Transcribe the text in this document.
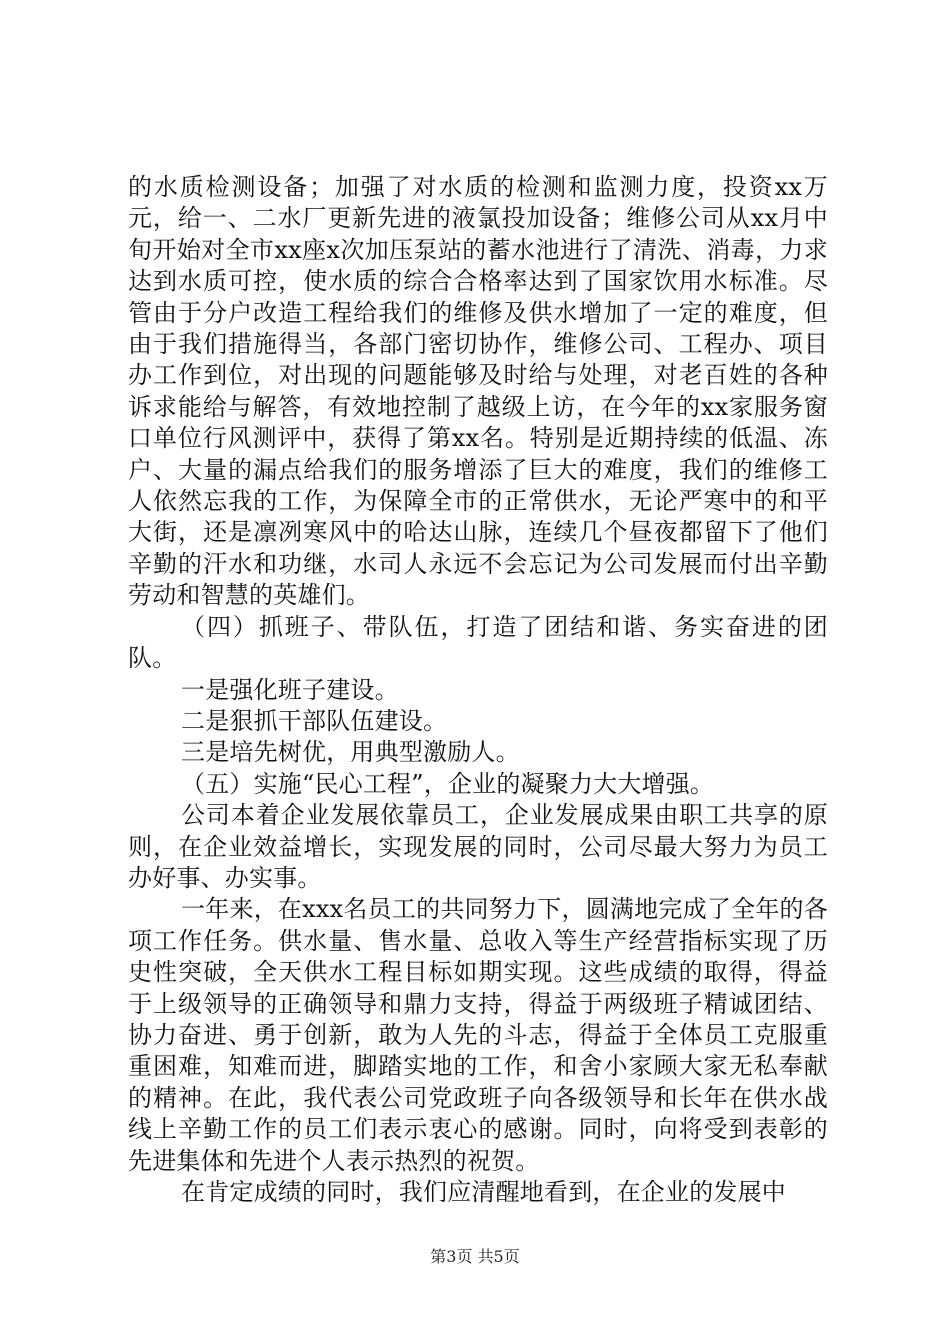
的水质检测设备；加强了对水质的检测和监测力度，投资xx万元，给一、二水厂更新先进的液氯投加设备；维修公司从xx月中旬开始对全市xx座x次加压泵站的蓄水池进行了清洗、消毒，力求达到水质可控，使水质的综合合格率达到了国家饮用水标准。尽管由于分户改造工程给我们的维修及供水增加了一定的难度，但由于我们措施得当，各部门密切协作，维修公司、工程办、项目办工作到位，对出现的问题能够及时给与处理，对老百姓的各种诉求能给与解答，有效地控制了越级上访，在今年的xx家服务窗口单位行风测评中，获得了第xx名。特别是近期持续的低温、冻户、大量的漏点给我们的服务增添了巨大的难度，我们的维修工人依然忘我的工作，为保障全市的正常供水，无论严寒中的和平大街，还是凛冽寒风中的哈达山脉，连续几个昼夜都留下了他们辛勤的汗水和功继，水司人永远不会忘记为公司发展而付出辛勤劳动和智慧的英雄们。

（四）抓班子、带队伍，打造了团结和谐、务实奋进的团队。

一是强化班子建设。

二是狠抓干部队伍建设。

三是培先树优，用典型激励人。

（五）实施“民心工程”，企业的凝聚力大大增强。

公司本着企业发展依靠员工，企业发展成果由职工共享的原则，在企业效益增长，实现发展的同时，公司尽最大努力为员工办好事、办实事。

一年来，在xxx名员工的共同努力下，圆满地完成了全年的各项工作任务。供水量、售水量、总收入等生产经营指标实现了历史性突破，全天供水工程目标如期实现。这些成绩的取得，得益于上级领导的正确领导和鼎力支持，得益于两级班子精诚团结、协力奋进、勇于创新，敢为人先的斗志，得益于全体员工克服重重困难，知难而进，脚踏实地的工作，和舍小家顾大家无私奉献的精神。在此，我代表公司党政班子向各级领导和长年在供水战线上辛勤工作的员工们表示衷心的感谢。同时，向将受到表彰的先进集体和先进个人表示热烈的祝贺。

在肯定成绩的同时，我们应清醒地看到，在企业的发展中

第3页 共5页
